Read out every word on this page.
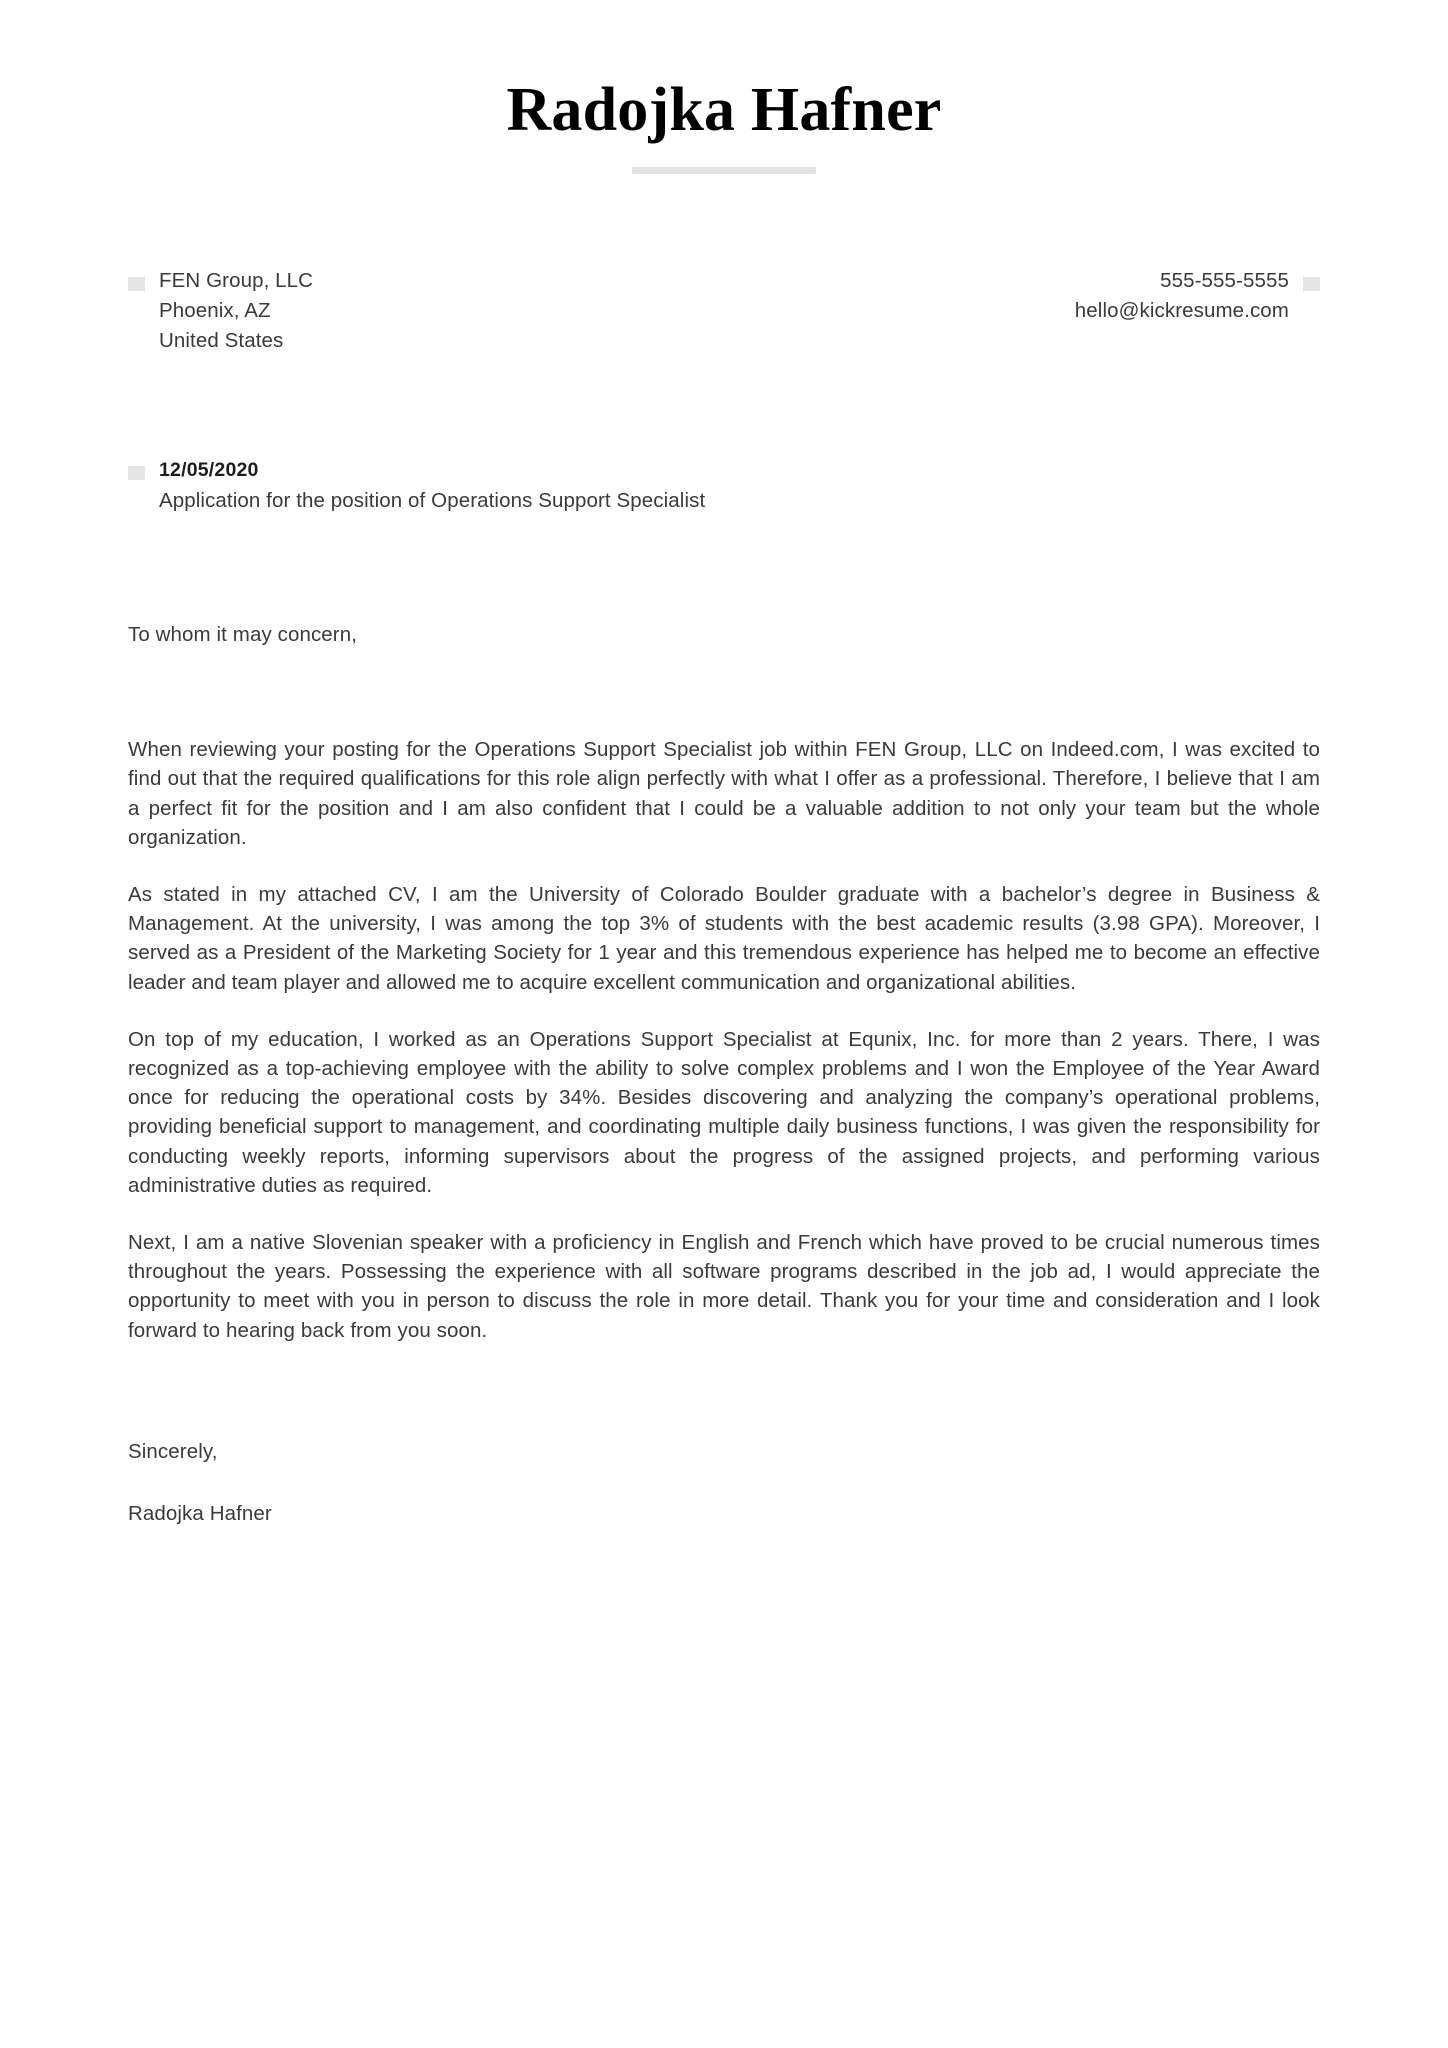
Radojka Hafner
FEN Group, LLC
Phoenix, AZ
United States
555-555-5555
hello@kickresume.com
12/05/2020
Application for the position of Operations Support Specialist
To whom it may concern,

When reviewing your posting for the Operations Support Specialist job within FEN Group, LLC on Indeed.com, I was excited to find out that the required qualifications for this role align perfectly with what I offer as a professional. Therefore, I believe that I am a perfect fit for the position and I am also confident that I could be a valuable addition to not only your team but the whole organization.

As stated in my attached CV, I am the University of Colorado Boulder graduate with a bachelor’s degree in Business & Management. At the university, I was among the top 3% of students with the best academic results (3.98 GPA). Moreover, I served as a President of the Marketing Society for 1 year and this tremendous experience has helped me to become an effective leader and team player and allowed me to acquire excellent communication and organizational abilities.

On top of my education, I worked as an Operations Support Specialist at Equnix, Inc. for more than 2 years. There, I was recognized as a top-achieving employee with the ability to solve complex problems and I won the Employee of the Year Award once for reducing the operational costs by 34%. Besides discovering and analyzing the company’s operational problems, providing beneficial support to management, and coordinating multiple daily business functions, I was given the responsibility for conducting weekly reports, informing supervisors about the progress of the assigned projects, and performing various administrative duties as required.

Next, I am a native Slovenian speaker with a proficiency in English and French which have proved to be crucial numerous times throughout the years. Possessing the experience with all software programs described in the job ad, I would appreciate the opportunity to meet with you in person to discuss the role in more detail. Thank you for your time and consideration and I look forward to hearing back from you soon.

Sincerely,
Radojka Hafner
